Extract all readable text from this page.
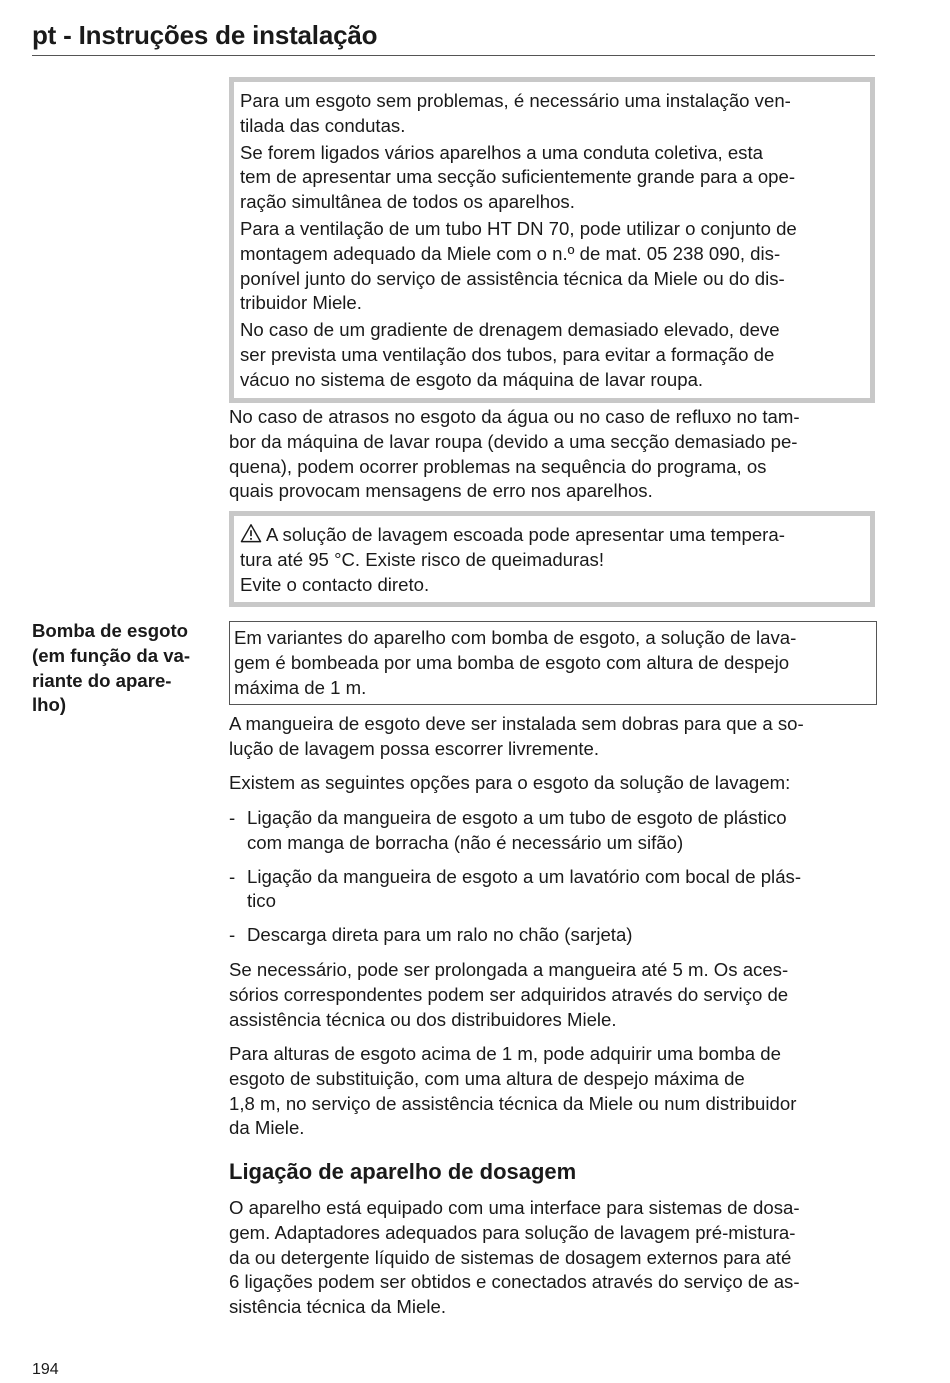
pt - Instruções de instalação
Para um esgoto sem problemas, é necessário uma instalação ven-
tilada das condutas.
Se forem ligados vários aparelhos a uma conduta coletiva, esta
tem de apresentar uma secção suficientemente grande para a ope-
ração simultânea de todos os aparelhos.
Para a ventilação de um tubo HT DN 70, pode utilizar o conjunto de
montagem adequado da Miele com o n.º de mat. 05 238 090, dis-
ponível junto do serviço de assistência técnica da Miele ou do dis-
tribuidor Miele.
No caso de um gradiente de drenagem demasiado elevado, deve
ser prevista uma ventilação dos tubos, para evitar a formação de
vácuo no sistema de esgoto da máquina de lavar roupa.
No caso de atrasos no esgoto da água ou no caso de refluxo no tam-
bor da máquina de lavar roupa (devido a uma secção demasiado pe-
quena), podem ocorrer problemas na sequência do programa, os
quais provocam mensagens de erro nos aparelhos.
A solução de lavagem escoada pode apresentar uma tempera-
tura até 95 °C. Existe risco de queimaduras!
Evite o contacto direto.
Bomba de esgoto
(em função da va-
riante do apare-
lho)
Em variantes do aparelho com bomba de esgoto, a solução de lava-
gem é bombeada por uma bomba de esgoto com altura de despejo
máxima de 1 m.
A mangueira de esgoto deve ser instalada sem dobras para que a so-
lução de lavagem possa escorrer livremente.
Existem as seguintes opções para o esgoto da solução de lavagem:
- Ligação da mangueira de esgoto a um tubo de esgoto de plástico
com manga de borracha (não é necessário um sifão)
- Ligação da mangueira de esgoto a um lavatório com bocal de plás-
tico
- Descarga direta para um ralo no chão (sarjeta)
Se necessário, pode ser prolongada a mangueira até 5 m. Os aces-
sórios correspondentes podem ser adquiridos através do serviço de
assistência técnica ou dos distribuidores Miele.
Para alturas de esgoto acima de 1 m, pode adquirir uma bomba de
esgoto de substituição, com uma altura de despejo máxima de
1,8 m, no serviço de assistência técnica da Miele ou num distribuidor
da Miele.
Ligação de aparelho de dosagem
O aparelho está equipado com uma interface para sistemas de dosa-
gem. Adaptadores adequados para solução de lavagem pré-mistura-
da ou detergente líquido de sistemas de dosagem externos para até
6 ligações podem ser obtidos e conectados através do serviço de as-
sistência técnica da Miele.
194
